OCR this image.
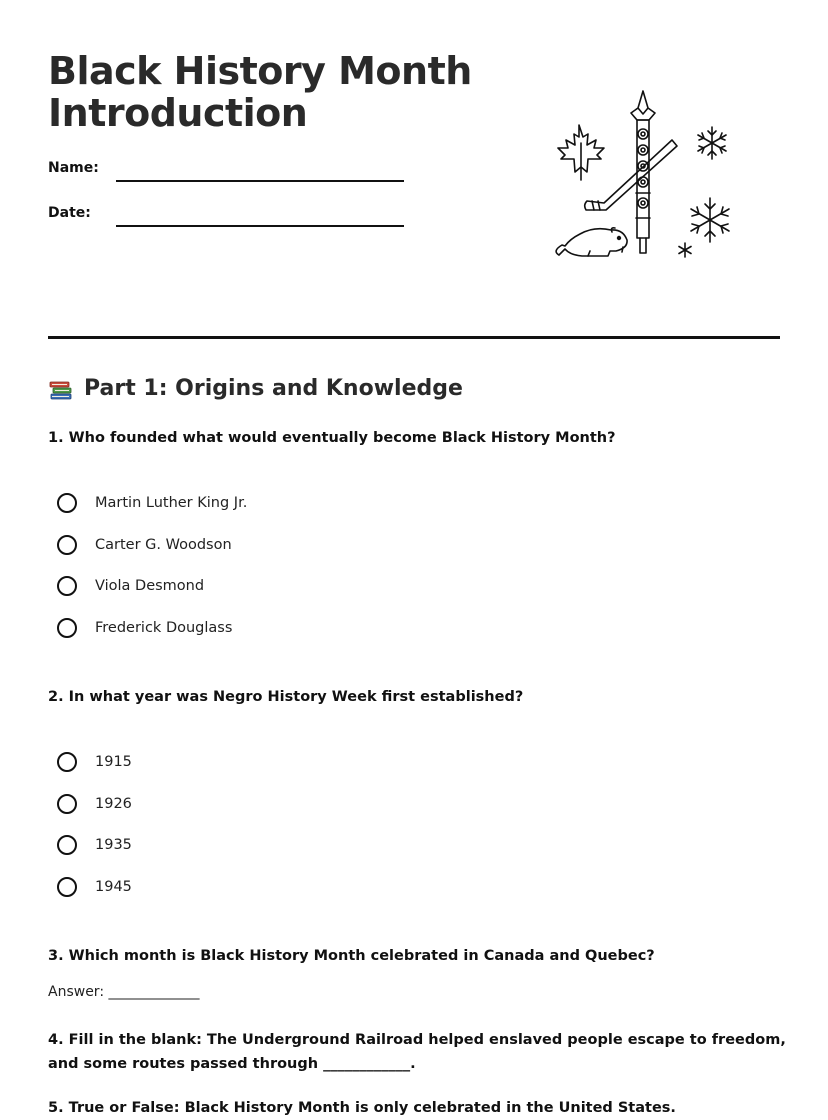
Black History Month
Introduction
Name:
Date:
Part 1: Origins and Knowledge

1. Who founded what would eventually become Black History Month?

Martin Luther King Jr.
Carter G. Woodson
Viola Desmond
Frederick Douglass

2. In what year was Negro History Week first established?

1915
1926
1935
1945

3. Which month is Black History Month celebrated in Canada and Quebec?

Answer: _____________

4. Fill in the blank: The Underground Railroad helped enslaved people escape to freedom, and some routes passed through ____________.

5. True or False: Black History Month is only celebrated in the United States.
